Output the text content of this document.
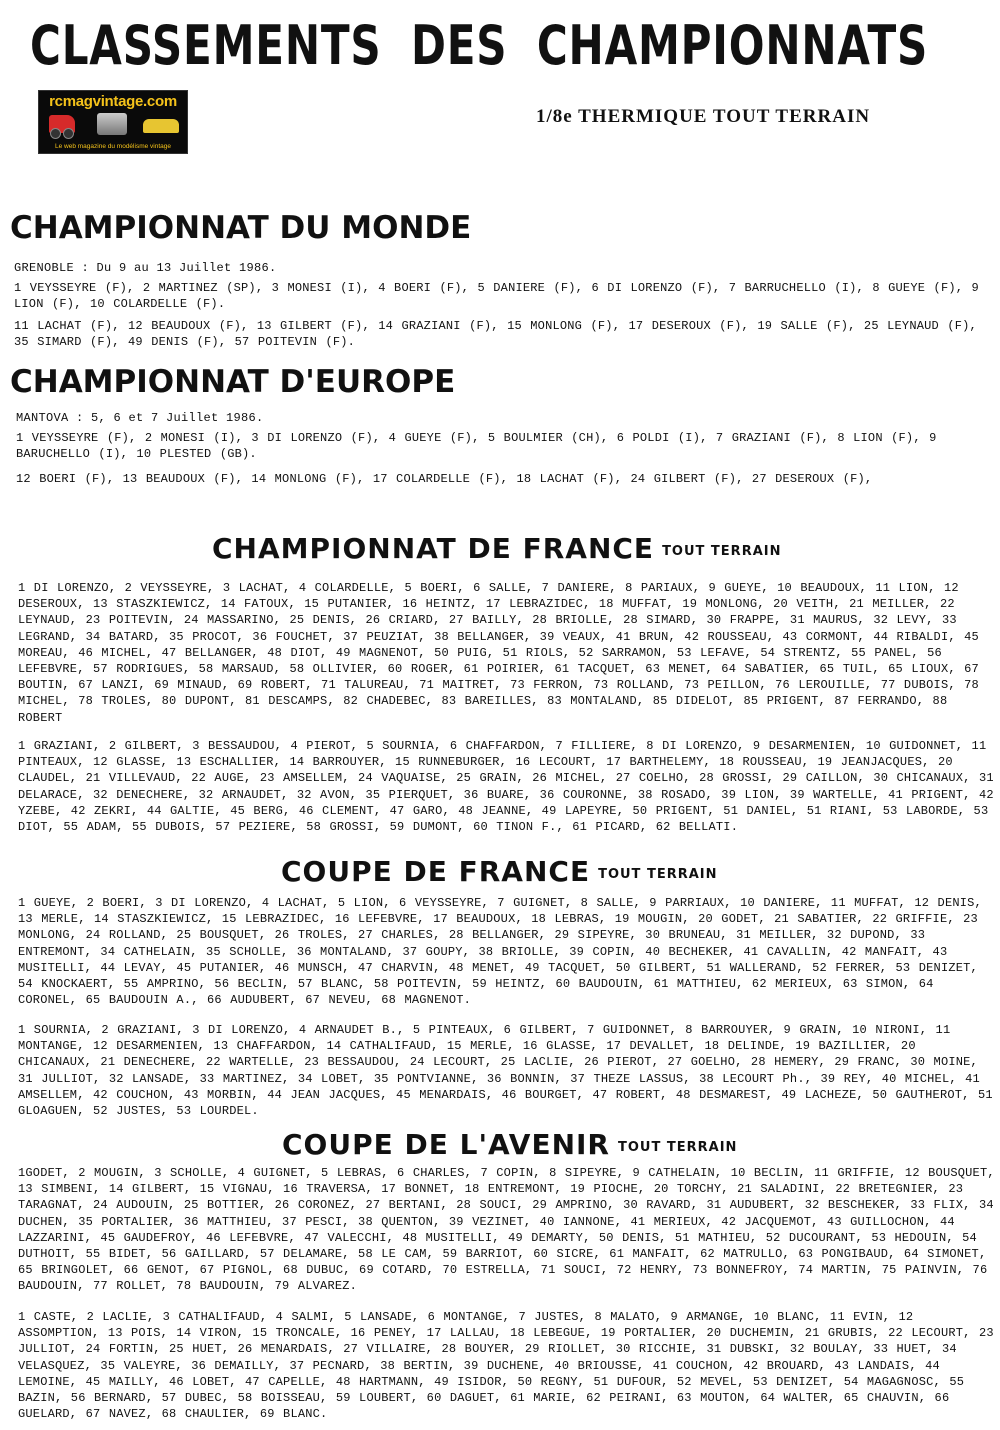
CLASSEMENTS DES CHAMPIONNATS
rcmagvintage.com
Le web magazine du modélisme vintage
1/8e THERMIQUE TOUT TERRAIN
CHAMPIONNAT DU MONDE
GRENOBLE : Du 9 au 13 Juillet 1986.
1 VEYSSEYRE (F), 2 MARTINEZ (SP), 3 MONESI (I), 4 BOERI (F), 5 DANIERE (F), 6 DI LORENZO (F), 7 BARRUCHELLO (I), 8 GUEYE (F), 9 LION (F), 10 COLARDELLE (F).
11 LACHAT (F), 12 BEAUDOUX (F), 13 GILBERT (F), 14 GRAZIANI (F), 15 MONLONG (F), 17 DESEROUX (F), 19 SALLE (F), 25 LEYNAUD (F), 35 SIMARD (F), 49 DENIS (F), 57 POITEVIN (F).
CHAMPIONNAT D'EUROPE
MANTOVA : 5, 6 et 7 Juillet 1986.
1 VEYSSEYRE (F), 2 MONESI (I), 3 DI LORENZO (F), 4 GUEYE (F), 5 BOULMIER (CH), 6 POLDI (I), 7 GRAZIANI (F), 8 LION (F), 9 BARUCHELLO (I), 10 PLESTED (GB).
12 BOERI (F), 13 BEAUDOUX (F), 14 MONLONG (F), 17 COLARDELLE (F), 18 LACHAT (F), 24 GILBERT (F), 27 DESEROUX (F),
CHAMPIONNAT DE FRANCE TOUT TERRAIN
1 DI LORENZO, 2 VEYSSEYRE, 3 LACHAT, 4 COLARDELLE, 5 BOERI, 6 SALLE, 7 DANIERE, 8 PARIAUX, 9 GUEYE, 10 BEAUDOUX, 11 LION, 12 DESEROUX, 13 STASZKIEWICZ, 14 FATOUX, 15 PUTANIER, 16 HEINTZ, 17 LEBRAZIDEC, 18 MUFFAT, 19 MONLONG, 20 VEITH, 21 MEILLER, 22 LEYNAUD, 23 POITEVIN, 24 MASSARINO, 25 DENIS, 26 CRIARD, 27 BAILLY, 28 BRIOLLE, 28 SIMARD, 30 FRAPPE, 31 MAURUS, 32 LEVY, 33 LEGRAND, 34 BATARD, 35 PROCOT, 36 FOUCHET, 37 PEUZIAT, 38 BELLANGER, 39 VEAUX, 41 BRUN, 42 ROUSSEAU, 43 CORMONT, 44 RIBALDI, 45 MOREAU, 46 MICHEL, 47 BELLANGER, 48 DIOT, 49 MAGNENOT, 50 PUIG, 51 RIOLS, 52 SARRAMON, 53 LEFAVE, 54 STRENTZ, 55 PANEL, 56 LEFEBVRE, 57 RODRIGUES, 58 MARSAUD, 58 OLLIVIER, 60 ROGER, 61 POIRIER, 61 TACQUET, 63 MENET, 64 SABATIER, 65 TUIL, 65 LIOUX, 67 BOUTIN, 67 LANZI, 69 MINAUD, 69 ROBERT, 71 TALUREAU, 71 MAITRET, 73 FERRON, 73 ROLLAND, 73 PEILLON, 76 LEROUILLE, 77 DUBOIS, 78 MICHEL, 78 TROLES, 80 DUPONT, 81 DESCAMPS, 82 CHADEBEC, 83 BAREILLES, 83 MONTALAND, 85 DIDELOT, 85 PRIGENT, 87 FERRANDO, 88 ROBERT
1 GRAZIANI, 2 GILBERT, 3 BESSAUDOU, 4 PIEROT, 5 SOURNIA, 6 CHAFFARDON, 7 FILLIERE, 8 DI LORENZO, 9 DESARMENIEN, 10 GUIDONNET, 11 PINTEAUX, 12 GLASSE, 13 ESCHALLIER, 14 BARROUYER, 15 RUNNEBURGER, 16 LECOURT, 17 BARTHELEMY, 18 ROUSSEAU, 19 JEANJACQUES, 20 CLAUDEL, 21 VILLEVAUD, 22 AUGE, 23 AMSELLEM, 24 VAQUAISE, 25 GRAIN, 26 MICHEL, 27 COELHO, 28 GROSSI, 29 CAILLON, 30 CHICANAUX, 31 DELARACE, 32 DENECHERE, 32 ARNAUDET, 32 AVON, 35 PIERQUET, 36 BUARE, 36 COURONNE, 38 ROSADO, 39 LION, 39 WARTELLE, 41 PRIGENT, 42 YZEBE, 42 ZEKRI, 44 GALTIE, 45 BERG, 46 CLEMENT, 47 GARO, 48 JEANNE, 49 LAPEYRE, 50 PRIGENT, 51 DANIEL, 51 RIANI, 53 LABORDE, 53 DIOT, 55 ADAM, 55 DUBOIS, 57 PEZIERE, 58 GROSSI, 59 DUMONT, 60 TINON F., 61 PICARD, 62 BELLATI.
COUPE DE FRANCE TOUT TERRAIN
1 GUEYE, 2 BOERI, 3 DI LORENZO, 4 LACHAT, 5 LION, 6 VEYSSEYRE, 7 GUIGNET, 8 SALLE, 9 PARRIAUX, 10 DANIERE, 11 MUFFAT, 12 DENIS, 13 MERLE, 14 STASZKIEWICZ, 15 LEBRAZIDEC, 16 LEFEBVRE, 17 BEAUDOUX, 18 LEBRAS, 19 MOUGIN, 20 GODET, 21 SABATIER, 22 GRIFFIE, 23 MONLONG, 24 ROLLAND, 25 BOUSQUET, 26 TROLES, 27 CHARLES, 28 BELLANGER, 29 SIPEYRE, 30 BRUNEAU, 31 MEILLER, 32 DUPOND, 33 ENTREMONT, 34 CATHELAIN, 35 SCHOLLE, 36 MONTALAND, 37 GOUPY, 38 BRIOLLE, 39 COPIN, 40 BECHEKER, 41 CAVALLIN, 42 MANFAIT, 43 MUSITELLI, 44 LEVAY, 45 PUTANIER, 46 MUNSCH, 47 CHARVIN, 48 MENET, 49 TACQUET, 50 GILBERT, 51 WALLERAND, 52 FERRER, 53 DENIZET, 54 KNOCKAERT, 55 AMPRINO, 56 BECLIN, 57 BLANC, 58 POITEVIN, 59 HEINTZ, 60 BAUDOUIN, 61 MATTHIEU, 62 MERIEUX, 63 SIMON, 64 CORONEL, 65 BAUDOUIN A., 66 AUDUBERT, 67 NEVEU, 68 MAGNENOT.
1 SOURNIA, 2 GRAZIANI, 3 DI LORENZO, 4 ARNAUDET B., 5 PINTEAUX, 6 GILBERT, 7 GUIDONNET, 8 BARROUYER, 9 GRAIN, 10 NIRONI, 11 MONTANGE, 12 DESARMENIEN, 13 CHAFFARDON, 14 CATHALIFAUD, 15 MERLE, 16 GLASSE, 17 DEVALLET, 18 DELINDE, 19 BAZILLIER, 20 CHICANAUX, 21 DENECHERE, 22 WARTELLE, 23 BESSAUDOU, 24 LECOURT, 25 LACLIE, 26 PIEROT, 27 GOELHO, 28 HEMERY, 29 FRANC, 30 MOINE, 31 JULLIOT, 32 LANSADE, 33 MARTINEZ, 34 LOBET, 35 PONTVIANNE, 36 BONNIN, 37 THEZE LASSUS, 38 LECOURT Ph., 39 REY, 40 MICHEL, 41 AMSELLEM, 42 COUCHON, 43 MORBIN, 44 JEAN JACQUES, 45 MENARDAIS, 46 BOURGET, 47 ROBERT, 48 DESMAREST, 49 LACHEZE, 50 GAUTHEROT, 51 GLOAGUEN, 52 JUSTES, 53 LOURDEL.
COUPE DE L'AVENIR TOUT TERRAIN
1GODET, 2 MOUGIN, 3 SCHOLLE, 4 GUIGNET, 5 LEBRAS, 6 CHARLES, 7 COPIN, 8 SIPEYRE, 9 CATHELAIN, 10 BECLIN, 11 GRIFFIE, 12 BOUSQUET, 13 SIMBENI, 14 GILBERT, 15 VIGNAU, 16 TRAVERSA, 17 BONNET, 18 ENTREMONT, 19 PIOCHE, 20 TORCHY, 21 SALADINI, 22 BRETEGNIER, 23 TARAGNAT, 24 AUDOUIN, 25 BOTTIER, 26 CORONEZ, 27 BERTANI, 28 SOUCI, 29 AMPRINO, 30 RAVARD, 31 AUDUBERT, 32 BESCHEKER, 33 FLIX, 34 DUCHEN, 35 PORTALIER, 36 MATTHIEU, 37 PESCI, 38 QUENTON, 39 VEZINET, 40 IANNONE, 41 MERIEUX, 42 JACQUEMOT, 43 GUILLOCHON, 44 LAZZARINI, 45 GAUDEFROY, 46 LEFEBVRE, 47 VALECCHI, 48 MUSITELLI, 49 DEMARTY, 50 DENIS, 51 MATHIEU, 52 DUCOURANT, 53 HEDOUIN, 54 DUTHOIT, 55 BIDET, 56 GAILLARD, 57 DELAMARE, 58 LE CAM, 59 BARRIOT, 60 SICRE, 61 MANFAIT, 62 MATRULLO, 63 PONGIBAUD, 64 SIMONET, 65 BRINGOLET, 66 GENOT, 67 PIGNOL, 68 DUBUC, 69 COTARD, 70 ESTRELLA, 71 SOUCI, 72 HENRY, 73 BONNEFROY, 74 MARTIN, 75 PAINVIN, 76 BAUDOUIN, 77 ROLLET, 78 BAUDOUIN, 79 ALVAREZ.
1 CASTE, 2 LACLIE, 3 CATHALIFAUD, 4 SALMI, 5 LANSADE, 6 MONTANGE, 7 JUSTES, 8 MALATO, 9 ARMANGE, 10 BLANC, 11 EVIN, 12 ASSOMPTION, 13 POIS, 14 VIRON, 15 TRONCALE, 16 PENEY, 17 LALLAU, 18 LEBEGUE, 19 PORTALIER, 20 DUCHEMIN, 21 GRUBIS, 22 LECOURT, 23 JULLIOT, 24 FORTIN, 25 HUET, 26 MENARDAIS, 27 VILLAIRE, 28 BOUYER, 29 RIOLLET, 30 RICCHIE, 31 DUBSKI, 32 BOULAY, 33 HUET, 34 VELASQUEZ, 35 VALEYRE, 36 DEMAILLY, 37 PECNARD, 38 BERTIN, 39 DUCHENE, 40 BRIOUSSE, 41 COUCHON, 42 BROUARD, 43 LANDAIS, 44 LEMOINE, 45 MAILLY, 46 LOBET, 47 CAPELLE, 48 HARTMANN, 49 ISIDOR, 50 REGNY, 51 DUFOUR, 52 MEVEL, 53 DENIZET, 54 MAGAGNOSC, 55 BAZIN, 56 BERNARD, 57 DUBEC, 58 BOISSEAU, 59 LOUBERT, 60 DAGUET, 61 MARIE, 62 PEIRANI, 63 MOUTON, 64 WALTER, 65 CHAUVIN, 66 GUELARD, 67 NAVEZ, 68 CHAULIER, 69 BLANC.
